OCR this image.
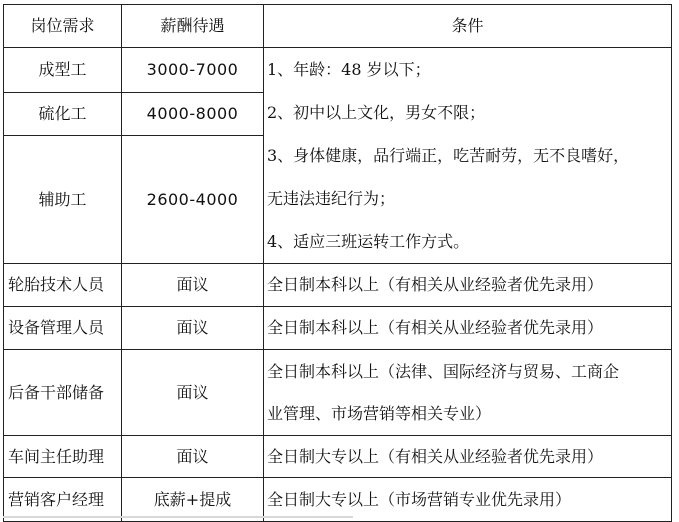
岗位需求	薪酬待遇	条件
成型工	3000-7000	1、年龄：48 岁以下；
2、初中以上文化，男女不限；
3、身体健康，品行端正，吃苦耐劳，无不良嗜好，
无违法违纪行为；
4、适应三班运转工作方式。

硫化工	4000-8000	
辅助工	2600-4000	
轮胎技术人员	面议	全日制本科以上（有相关从业经验者优先录用）
设备管理人员	面议	全日制本科以上（有相关从业经验者优先录用）
后备干部储备	面议	全日制本科以上（法律、国际经济与贸易、工商企
业管理、市场营销等相关专业）

车间主任助理	面议	全日制大专以上（有相关从业经验者优先录用）
营销客户经理	底薪+提成	全日制大专以上（市场营销专业优先录用）
